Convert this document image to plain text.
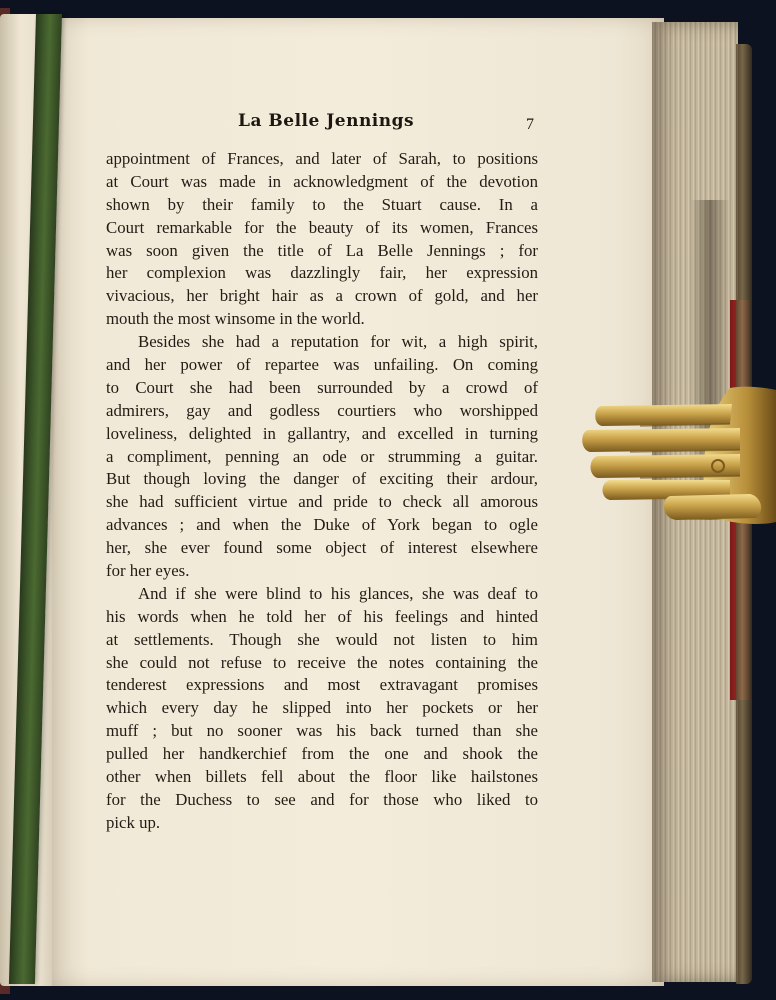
La Belle Jennings	7
appointment of Frances, and later of Sarah, to positions
at Court was made in acknowledgment of the devotion
shown by their family to the Stuart cause. In a
Court remarkable for the beauty of its women, Frances
was soon given the title of La Belle Jennings ; for
her complexion was dazzlingly fair, her expression
vivacious, her bright hair as a crown of gold, and her
mouth the most winsome in the world.
Besides she had a reputation for wit, a high spirit,
and her power of repartee was unfailing. On coming
to Court she had been surrounded by a crowd of
admirers, gay and godless courtiers who worshipped
loveliness, delighted in gallantry, and excelled in turning
a compliment, penning an ode or strumming a guitar.
But though loving the danger of exciting their ardour,
she had sufficient virtue and pride to check all amorous
advances ; and when the Duke of York began to ogle
her, she ever found some object of interest elsewhere
for her eyes.
And if she were blind to his glances, she was deaf to
his words when he told her of his feelings and hinted
at settlements. Though she would not listen to him
she could not refuse to receive the notes containing the
tenderest expressions and most extravagant promises
which every day he slipped into her pockets or her
muff ; but no sooner was his back turned than she
pulled her handkerchief from the one and shook the
other when billets fell about the floor like hailstones
for the Duchess to see and for those who liked to
pick up.
